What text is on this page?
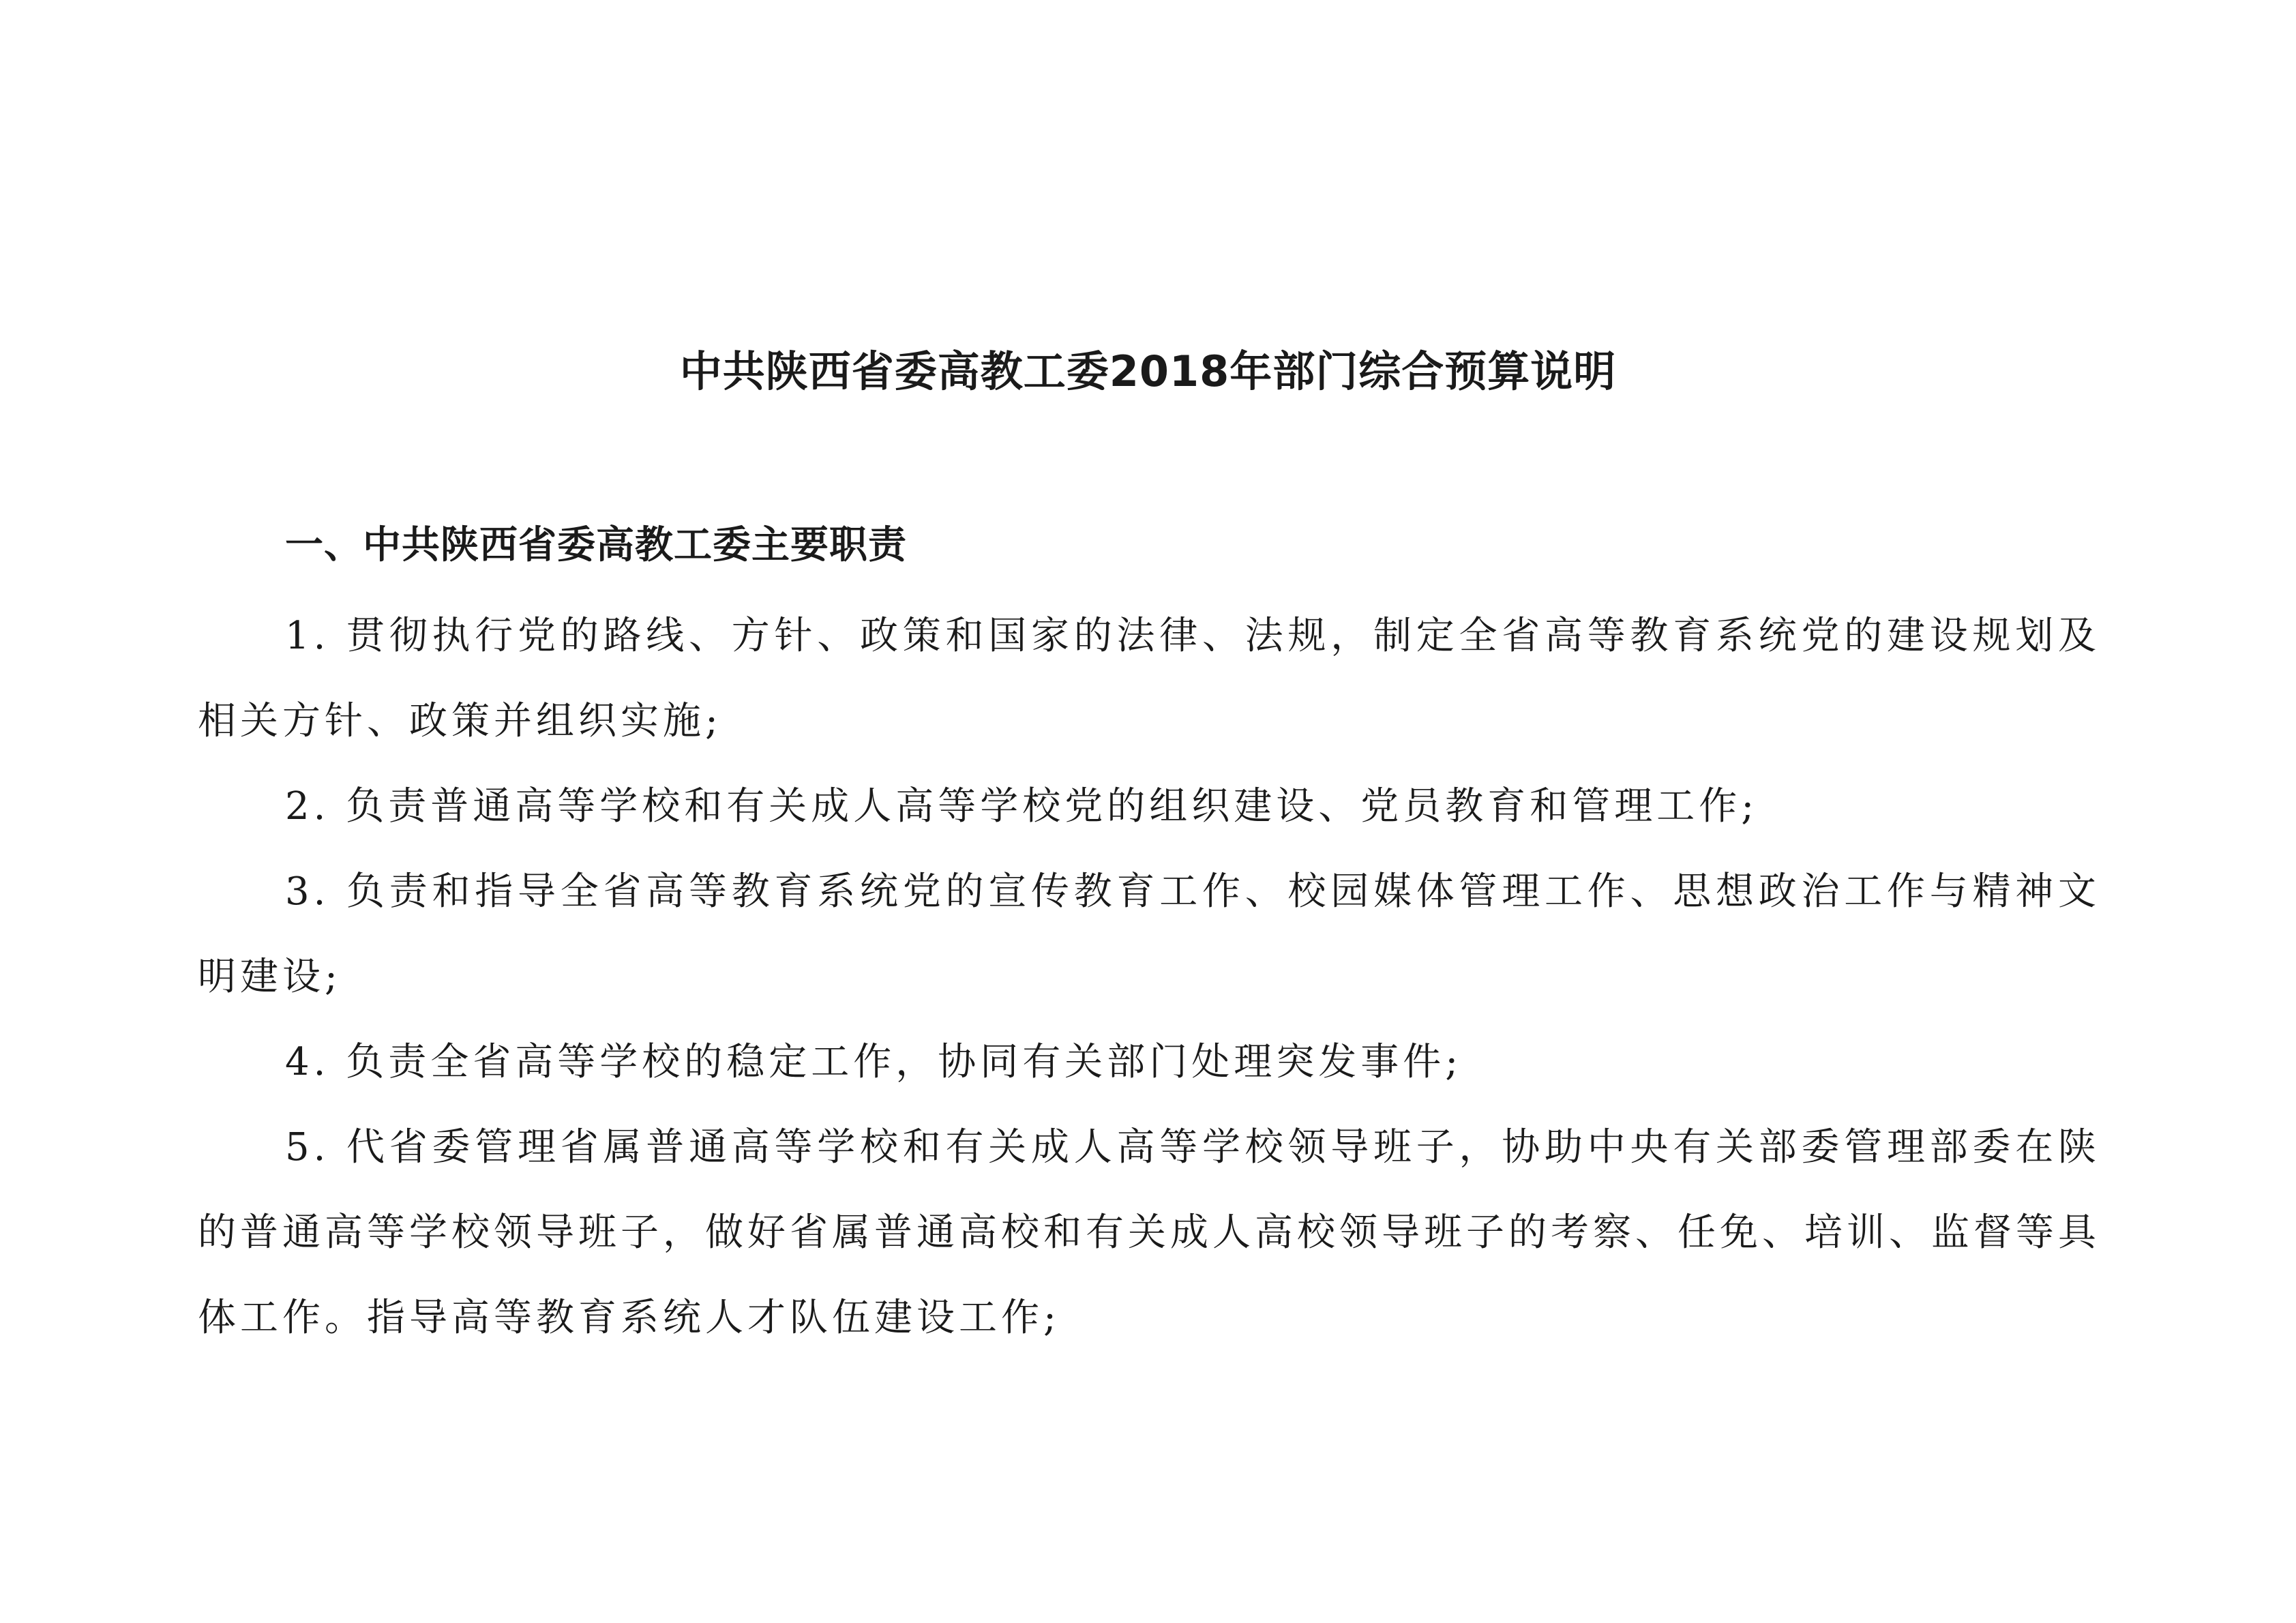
中共陕西省委高教工委2018年部门综合预算说明
一、中共陕西省委高教工委主要职责

1. 贯彻执行党的路线、方针、政策和国家的法律、法规，制定全省高等教育系统党的建设规划及相关方针、政策并组织实施;

2. 负责普通高等学校和有关成人高等学校党的组织建设、党员教育和管理工作;

3. 负责和指导全省高等教育系统党的宣传教育工作、校园媒体管理工作、思想政治工作与精神文明建设;

4. 负责全省高等学校的稳定工作，协同有关部门处理突发事件;

5. 代省委管理省属普通高等学校和有关成人高等学校领导班子，协助中央有关部委管理部委在陕的普通高等学校领导班子，做好省属普通高校和有关成人高校领导班子的考察、任免、培训、监督等具体工作。指导高等教育系统人才队伍建设工作;
